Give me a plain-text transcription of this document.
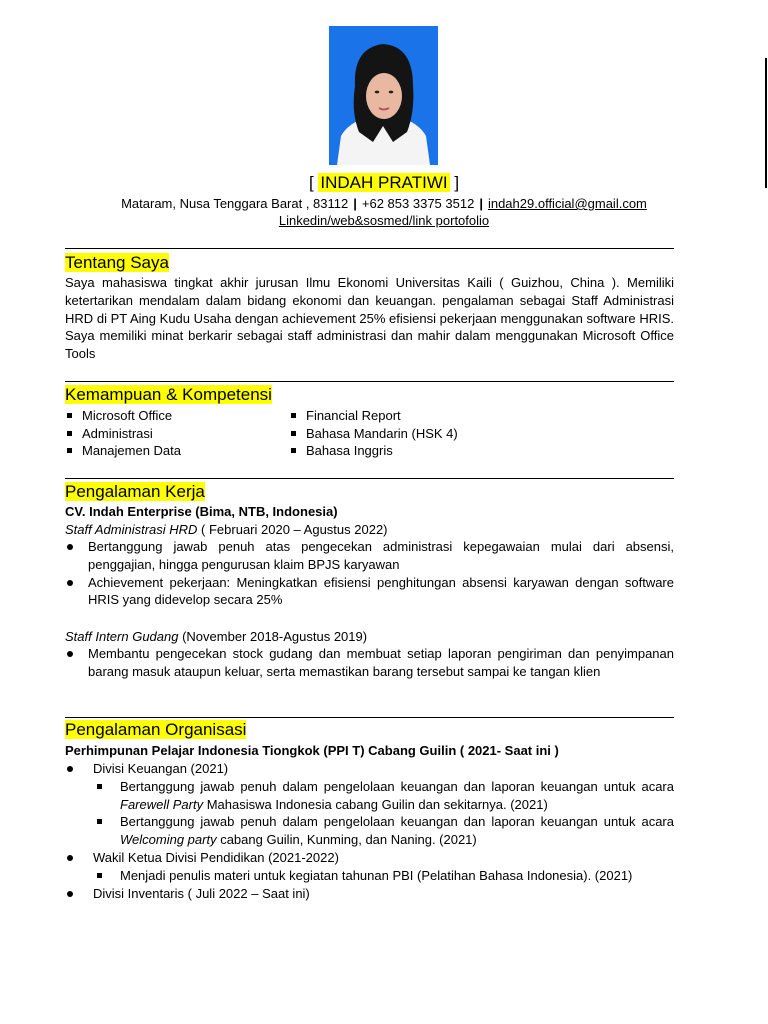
[ INDAH PRATIWI ]
Mataram, Nusa Tenggara Barat , 83112 | +62 853 3375 3512 | indah29.official@gmail.com
Linkedin/web&sosmed/link portofolio
Tentang Saya

Saya mahasiswa tingkat akhir jurusan Ilmu Ekonomi Universitas Kaili ( Guizhou, China ). Memiliki ketertarikan mendalam dalam bidang ekonomi dan keuangan. pengalaman sebagai Staff Administrasi HRD di PT Aing Kudu Usaha dengan achievement 25% efisiensi pekerjaan menggunakan software HRIS. Saya memiliki minat berkarir sebagai staff administrasi dan mahir dalam menggunakan Microsoft Office Tools

Kemampuan & Kompetensi
Microsoft Office
Administrasi
Manajemen Data
Financial Report
Bahasa Mandarin (HSK 4)
Bahasa Inggris
Pengalaman Kerja
CV. Indah Enterprise (Bima, NTB, Indonesia)
Staff Administrasi HRD ( Februari 2020 – Agustus 2022)
Bertanggung jawab penuh atas pengecekan administrasi kepegawaian mulai dari absensi, penggajian, hingga pengurusan klaim BPJS karyawan
Achievement pekerjaan: Meningkatkan efisiensi penghitungan absensi karyawan dengan software HRIS yang didevelop secara 25%
Staff Intern Gudang (November 2018-Agustus 2019)
Membantu pengecekan stock gudang dan membuat setiap laporan pengiriman dan penyimpanan barang masuk ataupun keluar, serta memastikan barang tersebut sampai ke tangan klien
Pengalaman Organisasi
Perhimpunan Pelajar Indonesia Tiongkok (PPI T) Cabang Guilin ( 2021- Saat ini )
Divisi Keuangan (2021)
Bertanggung jawab penuh dalam pengelolaan keuangan dan laporan keuangan untuk acara Farewell Party Mahasiswa Indonesia cabang Guilin dan sekitarnya. (2021)
Bertanggung jawab penuh dalam pengelolaan keuangan dan laporan keuangan untuk acara Welcoming party cabang Guilin, Kunming, dan Naning. (2021)
Wakil Ketua Divisi Pendidikan (2021-2022)
Menjadi penulis materi untuk kegiatan tahunan PBI (Pelatihan Bahasa Indonesia). (2021)
Divisi Inventaris ( Juli 2022 – Saat ini)
